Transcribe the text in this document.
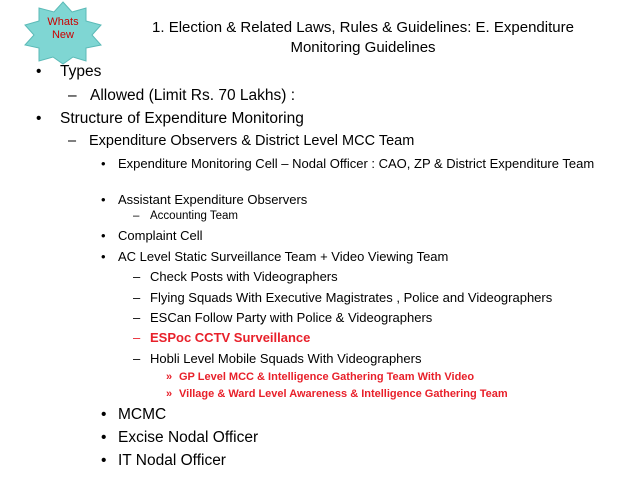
Whats
New	1. Election & Related Laws, Rules & Guidelines: E. Expenditure
Monitoring Guidelines
• Types
– Allowed (Limit Rs. 70 Lakhs) :
• Structure of Expenditure Monitoring
– Expenditure Observers & District Level MCC Team
• Expenditure Monitoring Cell – Nodal Officer : CAO, ZP & District Expenditure Team
• Assistant Expenditure Observers
– Accounting Team
• Complaint Cell
• AC Level Static Surveillance Team + Video Viewing Team
– Check Posts with Videographers
– Flying Squads With Executive Magistrates , Police and Videographers
– ESCan Follow Party with Police & Videographers
– ESPoc CCTV Surveillance
– Hobli Level Mobile Squads With Videographers
» GP Level MCC & Intelligence Gathering Team With Video
» Village & Ward Level Awareness & Intelligence Gathering Team
• MCMC
• Excise Nodal Officer
• IT Nodal Officer
